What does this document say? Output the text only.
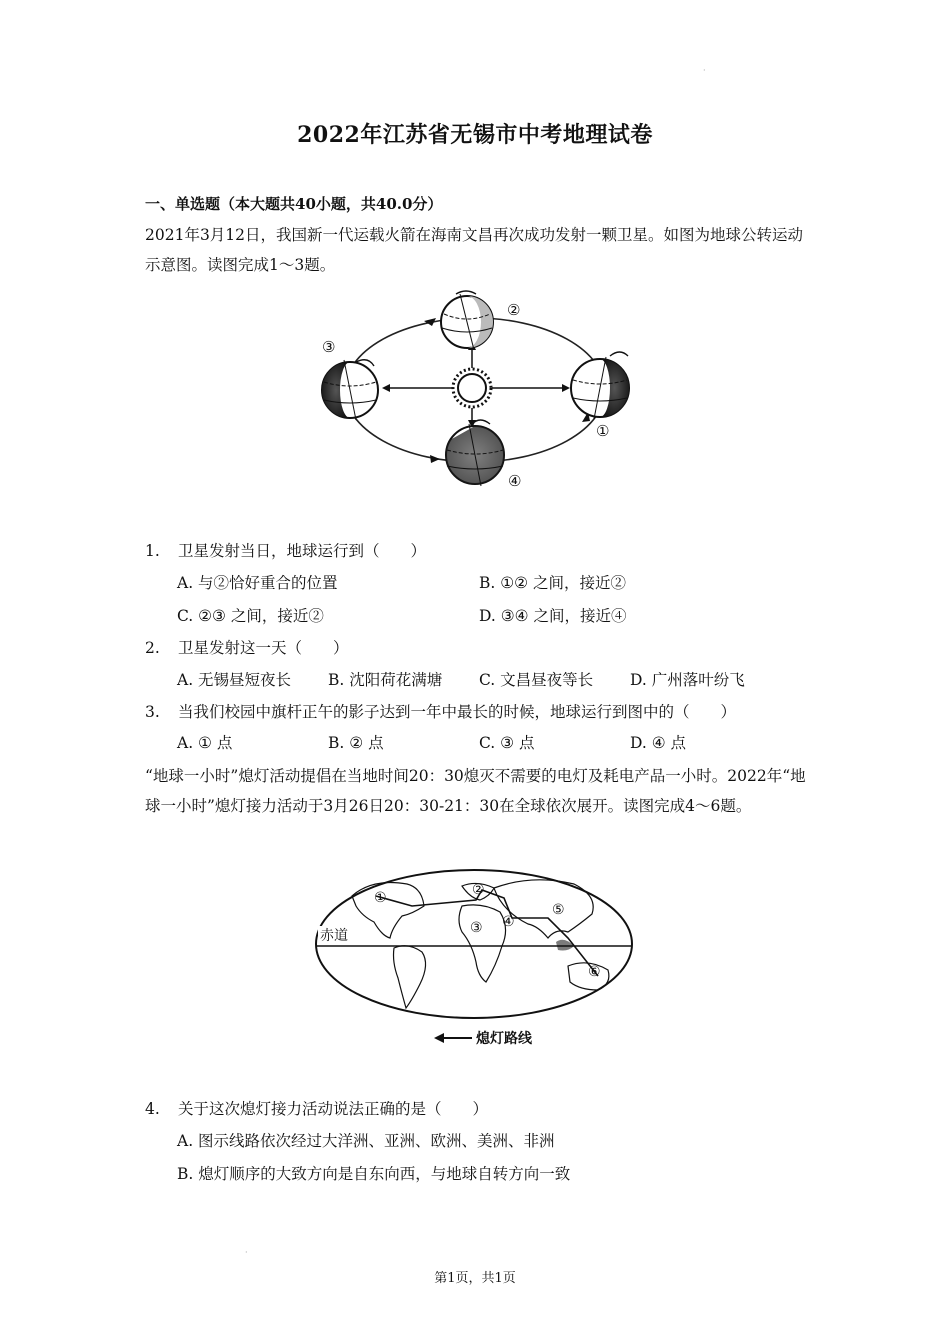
·
2022年江苏省无锡市中考地理试卷
一、单选题（本大题共40小题，共40.0分）
2021年3月12日，我国新一代运载火箭在海南文昌再次成功发射一颗卫星。如图为地球公转运动示意图。读图完成1～3题。
②
③
①
④
1. 卫星发射当日，地球运行到（　　）
A. 与②恰好重合的位置	B. ①② 之间，接近②
C. ②③ 之间，接近②	D. ③④ 之间，接近④
2. 卫星发射这一天（　　）
A. 无锡昼短夜长 B. 沈阳荷花满塘 C. 文昌昼夜等长 D. 广州落叶纷飞
3. 当我们校园中旗杆正午的影子达到一年中最长的时候，地球运行到图中的（　　）
A. ① 点	B. ② 点	C. ③ 点	D. ④ 点
“地球一小时”熄灯活动提倡在当地时间20：30熄灭不需要的电灯及耗电产品一小时。2022年“地球一小时”熄灯接力活动于3月26日20：30-21：30在全球依次展开。读图完成4～6题。
①	②
③ ④
⑤
⑥
赤道
熄灯路线
4. 关于这次熄灯接力活动说法正确的是（　　）
A. 图示线路依次经过大洋洲、亚洲、欧洲、美洲、非洲
B. 熄灯顺序的大致方向是自东向西，与地球自转方向一致
·
第1页，共1页
